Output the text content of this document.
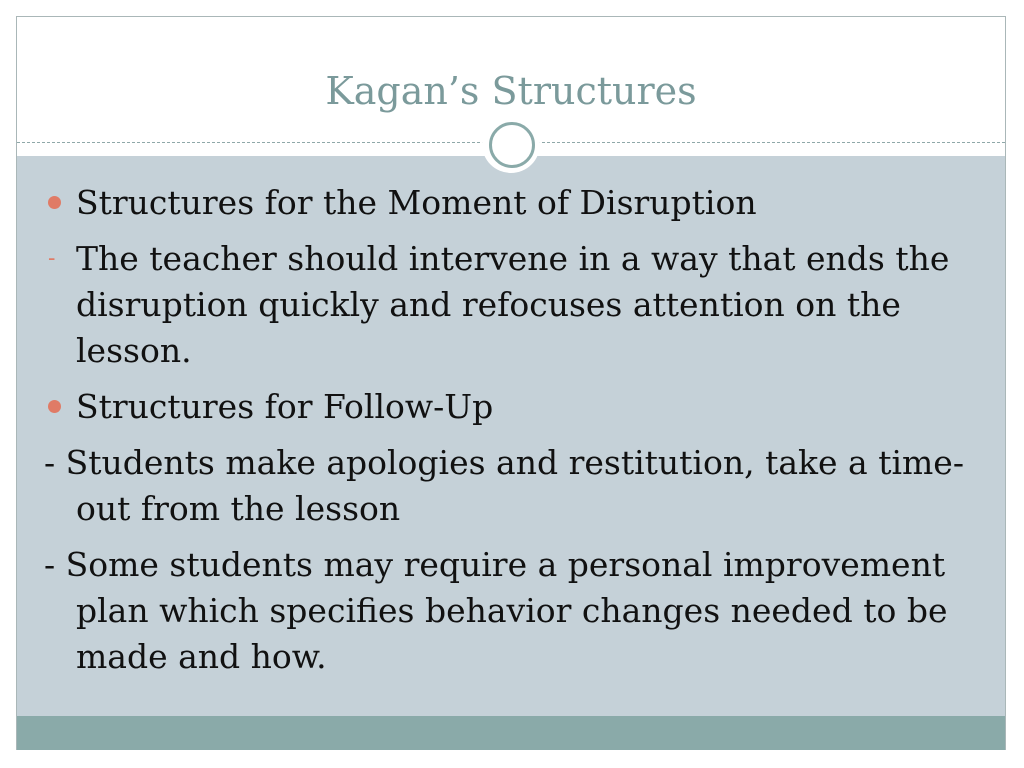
Kagan’s Structures
Structures for the Moment of Disruption
- The teacher should intervene in a way that ends the disruption quickly and refocuses attention on the lesson.
Structures for Follow-Up
- Students make apologies and restitution, take a time-out from the lesson
- Some students may require a personal improvement plan which specifies behavior changes needed to be made and how.
